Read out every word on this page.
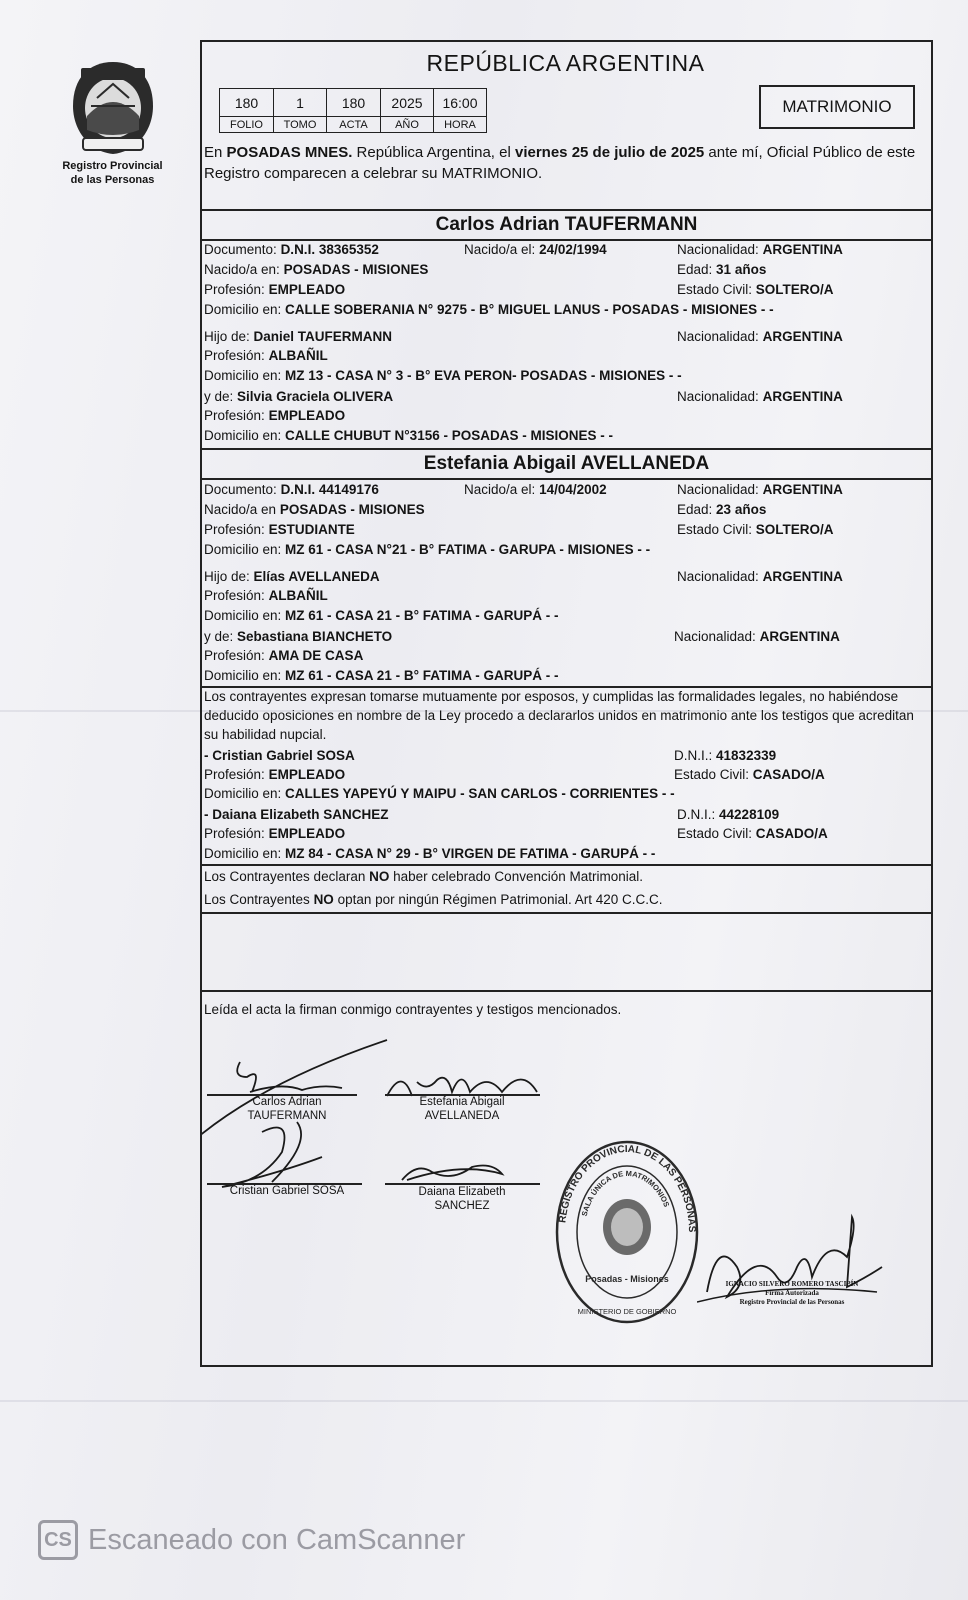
Registro Provincial
de las Personas
REPÚBLICA ARGENTINA
180	1	180	2025	16:00
FOLIO	TOMO	ACTA	AÑO	HORA
MATRIMONIO
En POSADAS MNES. República Argentina, el viernes 25 de julio de 2025 ante mí, Oficial Público de este Registro comparecen a celebrar su MATRIMONIO.
Carlos Adrian TAUFERMANN
Documento: D.N.I. 38365352	Nacido/a el: 24/02/1994	Nacionalidad: ARGENTINA
Nacido/a en: POSADAS - MISIONES	Edad: 31 años
Profesión: EMPLEADO	Estado Civil: SOLTERO/A
Domicilio en: CALLE SOBERANIA N° 9275 - B° MIGUEL LANUS - POSADAS - MISIONES - -
Hijo de: Daniel TAUFERMANN	Nacionalidad: ARGENTINA
Profesión: ALBAÑIL
Domicilio en: MZ 13 - CASA N° 3 - B° EVA PERON- POSADAS - MISIONES - -
y de: Silvia Graciela OLIVERA	Nacionalidad: ARGENTINA
Profesión: EMPLEADO
Domicilio en: CALLE CHUBUT N°3156 - POSADAS - MISIONES - -
Estefania Abigail AVELLANEDA
Documento: D.N.I. 44149176	Nacido/a el: 14/04/2002	Nacionalidad: ARGENTINA
Nacido/a en POSADAS - MISIONES	Edad: 23 años
Profesión: ESTUDIANTE	Estado Civil: SOLTERO/A
Domicilio en: MZ 61 - CASA N°21 - B° FATIMA - GARUPA - MISIONES - -
Hijo de: Elías AVELLANEDA	Nacionalidad: ARGENTINA
Profesión: ALBAÑIL
Domicilio en: MZ 61 - CASA 21 - B° FATIMA - GARUPÁ - -
y de: Sebastiana BIANCHETO	Nacionalidad: ARGENTINA
Profesión: AMA DE CASA
Domicilio en: MZ 61 - CASA 21 - B° FATIMA - GARUPÁ - -
Los contrayentes expresan tomarse mutuamente por esposos, y cumplidas las formalidades legales, no habiéndose deducido oposiciones en nombre de la Ley procedo a declararlos unidos en matrimonio ante los testigos que acreditan su habilidad nupcial.
- Cristian Gabriel SOSA	D.N.I.: 41832339
Profesión: EMPLEADO	Estado Civil: CASADO/A
Domicilio en: CALLES YAPEYÚ Y MAIPU - SAN CARLOS - CORRIENTES - -
- Daiana Elizabeth SANCHEZ	D.N.I.: 44228109
Profesión: EMPLEADO	Estado Civil: CASADO/A
Domicilio en: MZ 84 - CASA N° 29 - B° VIRGEN DE FATIMA - GARUPÁ - -
Los Contrayentes declaran NO haber celebrado Convención Matrimonial.
Los Contrayentes NO optan por ningún Régimen Patrimonial. Art 420 C.C.C.
Leída el acta la firman conmigo contrayentes y testigos mencionados.
Carlos Adrian
TAUFERMANN
Estefania Abigail
AVELLANEDA
Cristian Gabriel SOSA	Daiana Elizabeth
SANCHEZ
REGISTRO PROVINCIAL DE LAS PERSONAS
SALA ÚNICA DE MATRIMONIOS
Posadas - Misiones
MINISTERIO DE GOBIERNO
IGNACIO SILVERO ROMERO TASCIPÍN
Firma Autorizada
Registro Provincial de las Personas
CS Escaneado con CamScanner
